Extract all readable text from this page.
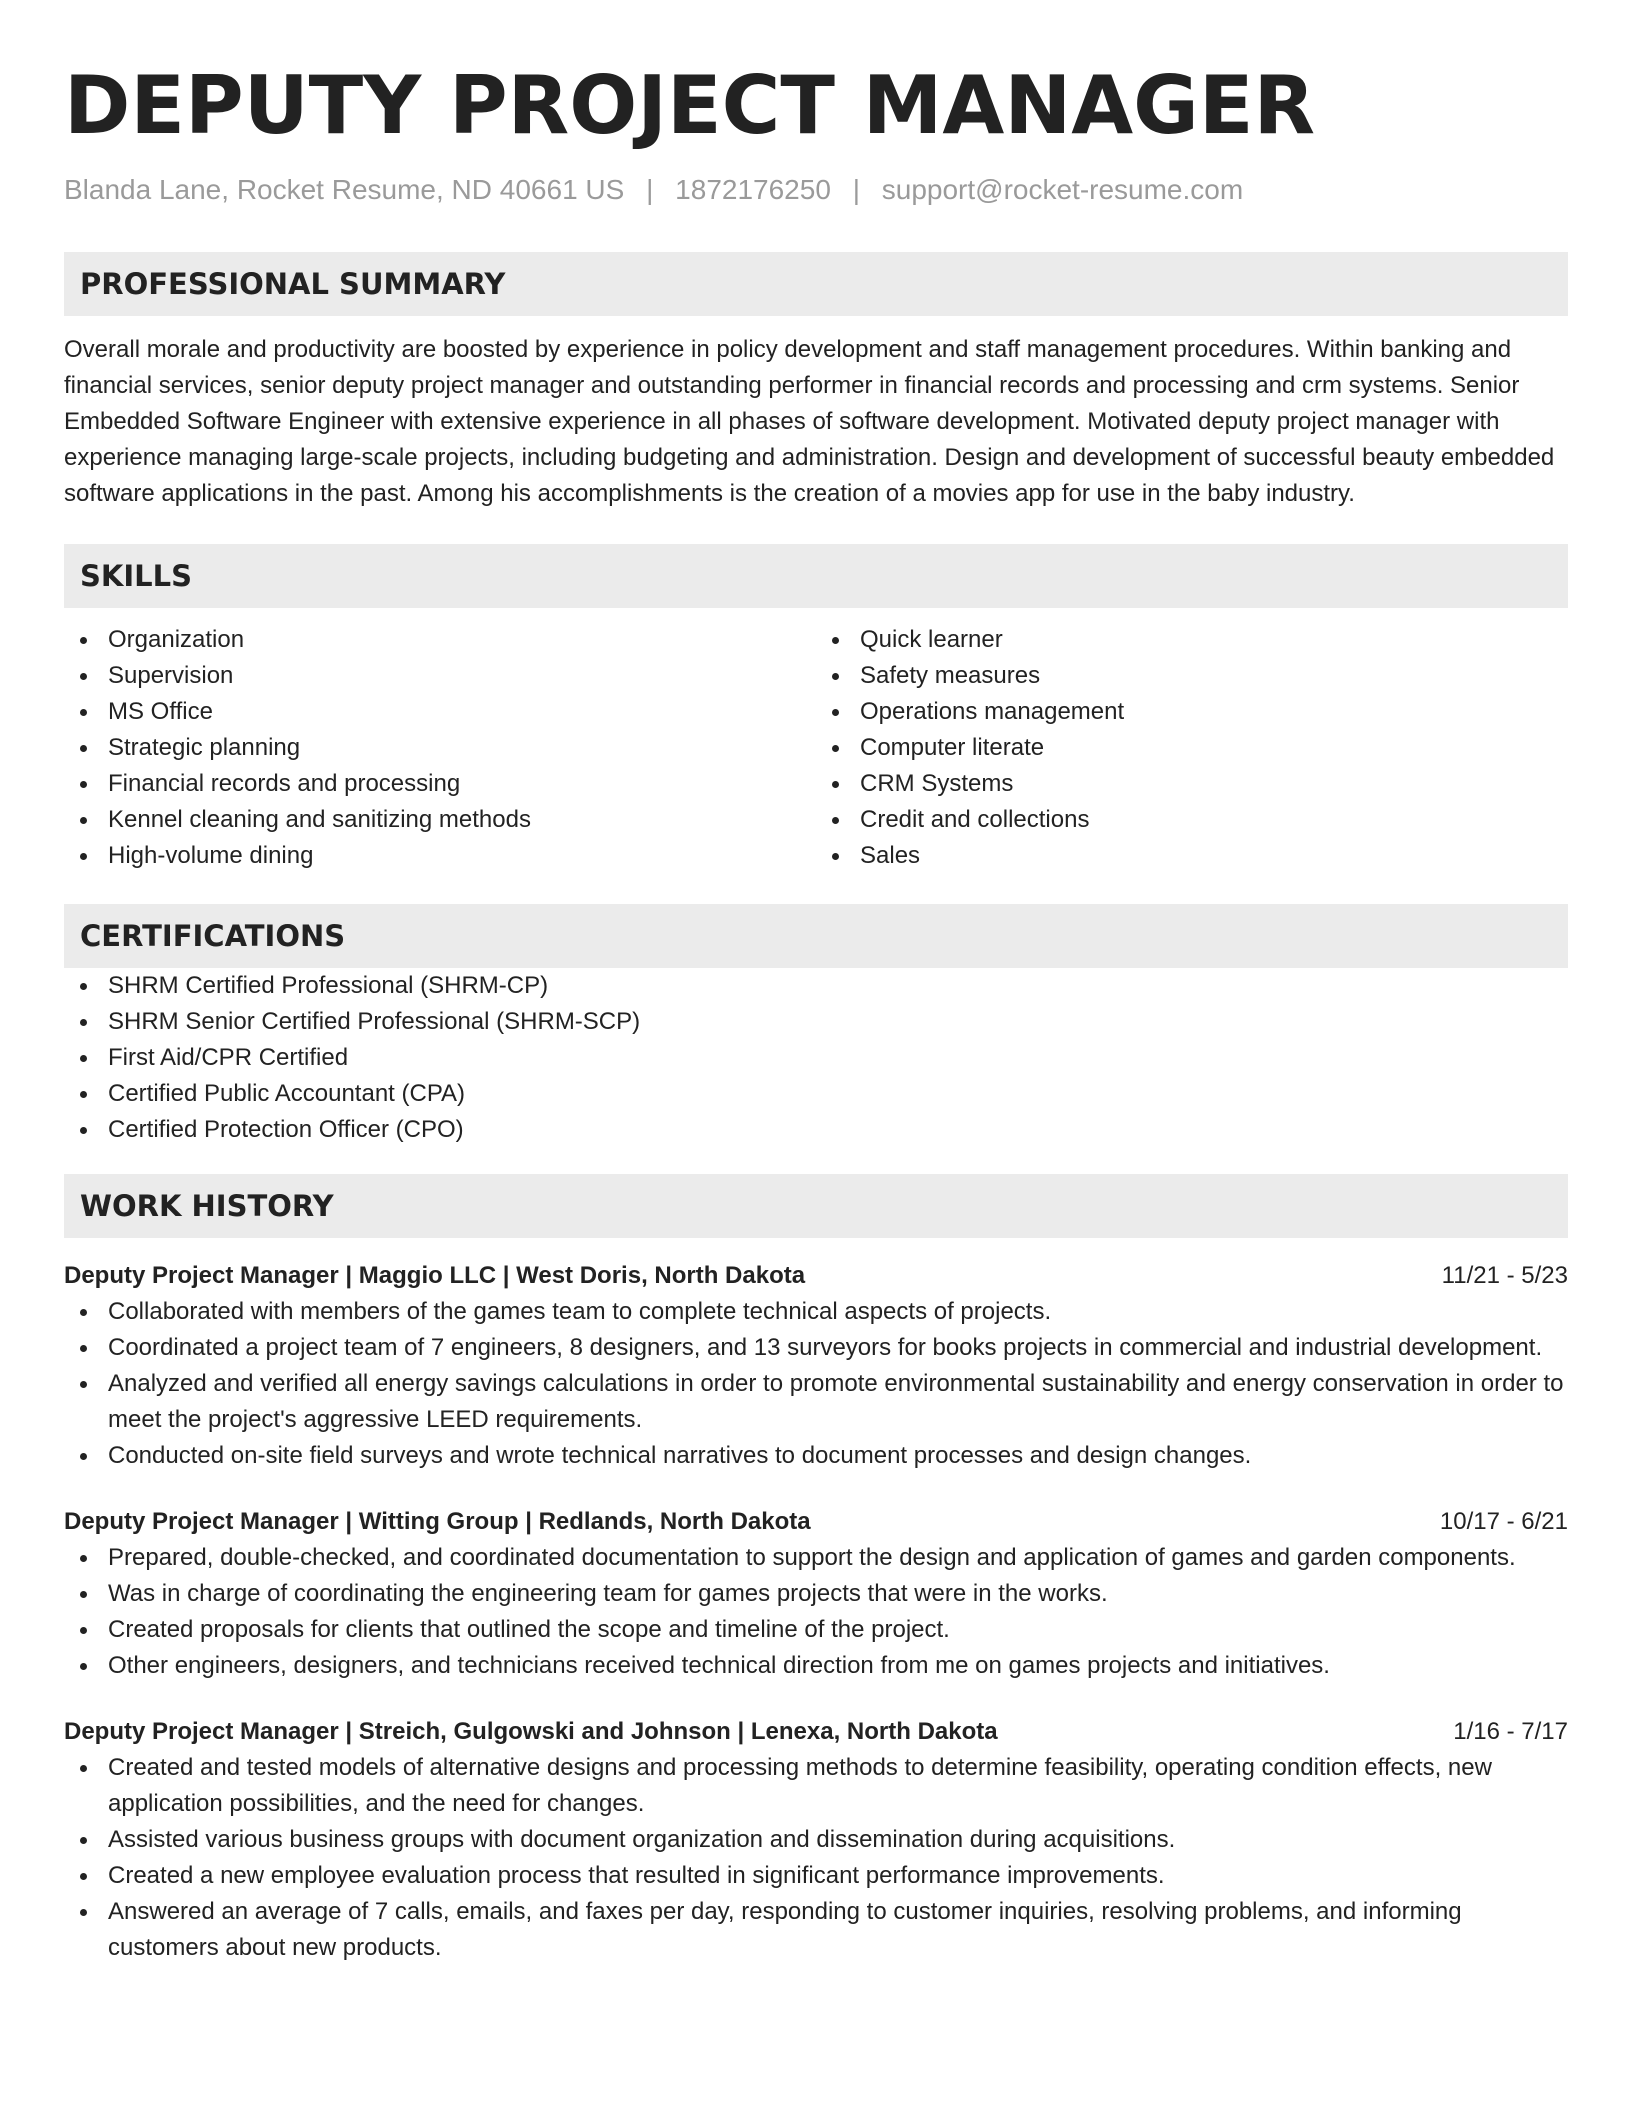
DEPUTY PROJECT MANAGER
Blanda Lane, Rocket Resume, ND 40661 US | 1872176250 | support@rocket-resume.com
PROFESSIONAL SUMMARY
Overall morale and productivity are boosted by experience in policy development and staff management procedures. Within banking and financial services, senior deputy project manager and outstanding performer in financial records and processing and crm systems. Senior Embedded Software Engineer with extensive experience in all phases of software development. Motivated deputy project manager with experience managing large-scale projects, including budgeting and administration. Design and development of successful beauty embedded software applications in the past. Among his accomplishments is the creation of a movies app for use in the baby industry.
SKILLS
Organization
Supervision
MS Office
Strategic planning
Financial records and processing
Kennel cleaning and sanitizing methods
High-volume dining
Quick learner
Safety measures
Operations management
Computer literate
CRM Systems
Credit and collections
Sales
CERTIFICATIONS
SHRM Certified Professional (SHRM-CP)
SHRM Senior Certified Professional (SHRM-SCP)
First Aid/CPR Certified
Certified Public Accountant (CPA)
Certified Protection Officer (CPO)
WORK HISTORY
Deputy Project Manager | Maggio LLC | West Doris, North Dakota	11/21 - 5/23
Collaborated with members of the games team to complete technical aspects of projects.
Coordinated a project team of 7 engineers, 8 designers, and 13 surveyors for books projects in commercial and industrial development.
Analyzed and verified all energy savings calculations in order to promote environmental sustainability and energy conservation in order to meet the project's aggressive LEED requirements.
Conducted on-site field surveys and wrote technical narratives to document processes and design changes.
Deputy Project Manager | Witting Group | Redlands, North Dakota	10/17 - 6/21
Prepared, double-checked, and coordinated documentation to support the design and application of games and garden components.
Was in charge of coordinating the engineering team for games projects that were in the works.
Created proposals for clients that outlined the scope and timeline of the project.
Other engineers, designers, and technicians received technical direction from me on games projects and initiatives.
Deputy Project Manager | Streich, Gulgowski and Johnson | Lenexa, North Dakota	1/16 - 7/17
Created and tested models of alternative designs and processing methods to determine feasibility, operating condition effects, new application possibilities, and the need for changes.
Assisted various business groups with document organization and dissemination during acquisitions.
Created a new employee evaluation process that resulted in significant performance improvements.
Answered an average of 7 calls, emails, and faxes per day, responding to customer inquiries, resolving problems, and informing customers about new products.
